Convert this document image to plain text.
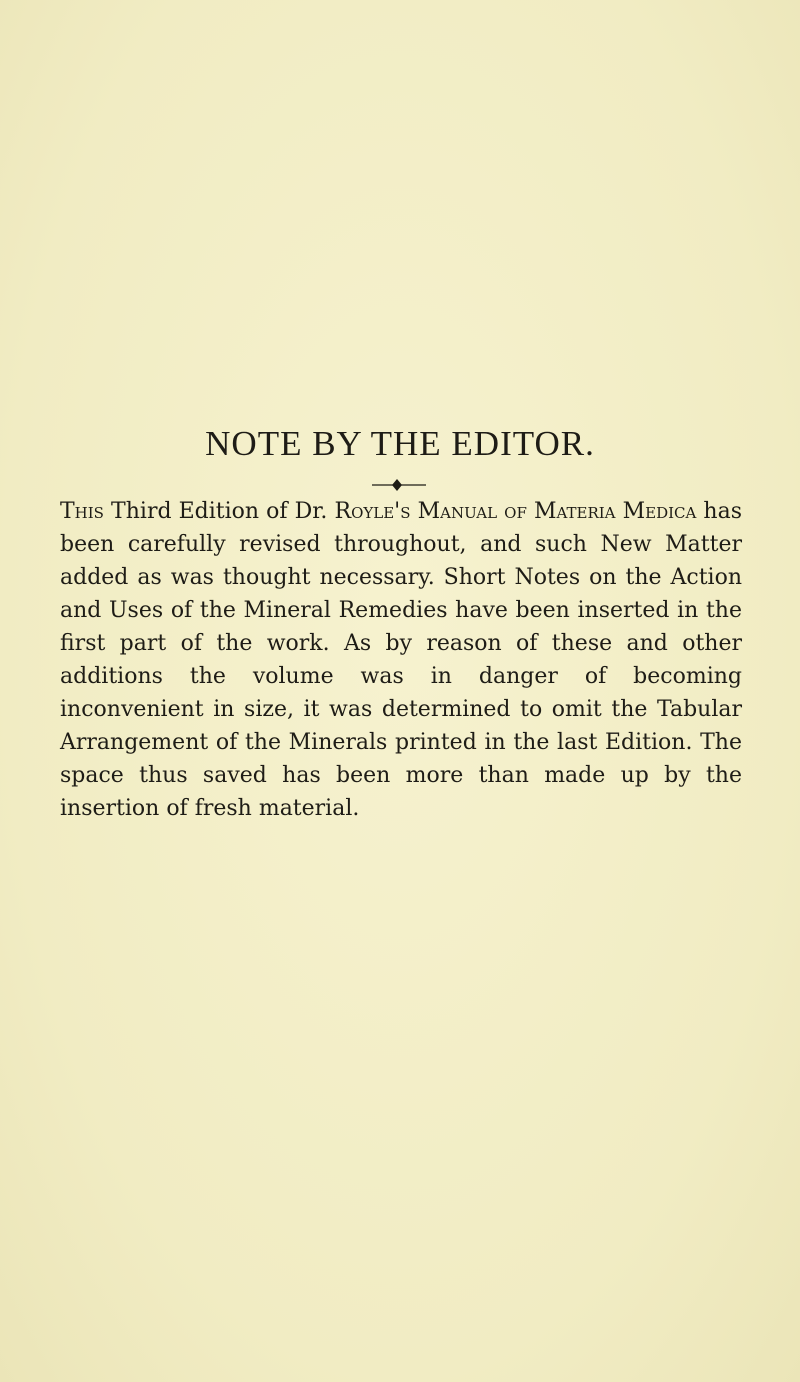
NOTE BY THE EDITOR.

This Third Edition of Dr. Royle's Manual of Materia Medica has been carefully revised throughout, and such New Matter added as was thought necessary. Short Notes on the Action and Uses of the Mineral Remedies have been inserted in the first part of the work. As by reason of these and other additions the volume was in danger of becoming inconvenient in size, it was determined to omit the Tabular Arrangement of the Minerals printed in the last Edition. The space thus saved has been more than made up by the insertion of fresh material.
